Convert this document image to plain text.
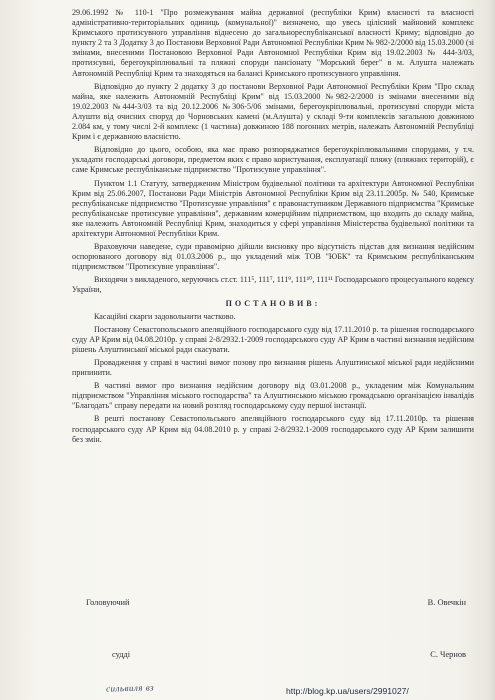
29.06.1992 № 110-1 "Про розмежування майна державної (республіки Крим) власності та власності адміністративно-територіальних одиниць (комунальної)" визначено, що увесь цілісний майновий комплекс Кримського протизсувного управління віднесено до загальнореспубліканської власності Криму; відповідно до пункту 2 та 3 Додатку 3 до Постанови Верховної Ради Автономної Республіки Крим № 982-2/2000 від 15.03.2000 (зі змінами, внесеними Постановою Верховної Ради Автономної Республіки Крим від 19.02.2003 № 444-3/03, протизсувні, берегоукріплювальні та пляжні споруди пансіонату "Морський берег" в м. Алушта належать Автономній Республіці Крим та знаходяться на балансі Кримського протизсувного управління.

Відповідно до пункту 2 додатку 3 до постанови Верховної Ради Автономної Республіки Крим "Про склад майна, яке належить Автономній Республіці Крим" від 15.03.2000 №982-2/2000 із змінами внесеними від 19.02.2003 №444-3/03 та від 20.12.2006 №306-5/06 змінами, берегоукріплювальні, протизсувні споруди міста Алушти від очисних споруд до Чорновських камені (м.Алушта) у складі 9-ти комплексів загальною довжиною 2.084 км, у тому числі 2-й комплекс (1 частина) довжиною 188 погонних метрів, належать Автономній Республіці Крим і є державною власністю.

Відповідно до цього, особою, яка має право розпоряджатися берегоукріплювальними спорудами, у т.ч. укладати господарські договори, предметом яких є право користування, експлуатації пляжу (пляжних територій), є саме Кримське республіканське підприємство "Протизсувне управління".

Пунктом 1.1 Статуту, затвердженим Міністром будівельної політики та архітектури Автономної Республіки Крим від 25.06.2007, Постанови Ради Міністрів Автономної Республіки Крим від 23.11.2005р. № 540, Кримське республіканське підприємство "Протизсувне управління" є правонаступником Державного підприємства "Кримське республіканське протизсувне управління", державним комерційним підприємством, що входить до складу майна, яке належить Автономній Республіці Крим, знаходиться у сфері управління Міністерства будівельної політики та архітектури Автономної Республіки Крим.

Враховуючи наведене, суди правомірно дійшли висновку про відсутність підстав для визнання недійсним оспорюваного договору від 01.03.2006 р., що укладений між ТОВ "ЮБК" та Кримським республіканським підприємством "Протизсувне управління".

Виходячи з викладеного, керуючись ст.ст. 111⁵, 111⁷, 111⁹, 111¹⁰, 111¹¹ Господарського процесуального кодексу України,

ПОСТАНОВИВ:

Касаційні скарги задовольнити частково.

Постанову Севастопольського апеляційного господарського суду від 17.11.2010 р. та рішення господарського суду АР Крим від 04.08.2010р. у справі 2-8/2932.1-2009 господарського суду АР Крим в частині визнання недійсним рішень Алуштинської міської ради скасувати.

Провадження у справі в частині вимог позову про визнання рішень Алуштинської міської ради недійсними припинити.

В частині вимог про визнання недійсним договору від 03.01.2008 р., укладеним між Комунальним підприємством "Управління міського господарства" та Алуштинською міською громадською організацією інвалідів "Благодать" справу передати на новий розгляд господарському суду першої інстанції.

В решті постанову Севастопольського апеляційного господарського суду від 17.11.2010р. та рішення господарського суду АР Крим від 04.08.2010 р. у справі 2-8/2932.1-2009 господарського суду АР Крим залишити без змін.

Головуючий	В. Овечкін
судді	С. Чернов
сильвиля вз	http://blog.kp.ua/users/2991027/
